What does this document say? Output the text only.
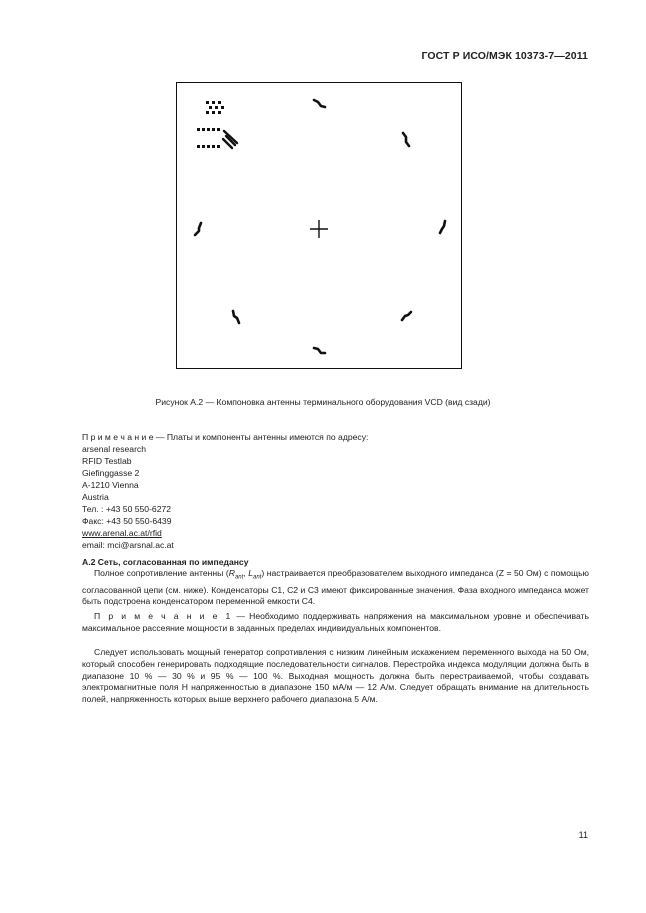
ГОСТ Р ИСО/МЭК 10373-7—2011
Рисунок А.2 — Компоновка антенны терминального оборудования VCD (вид сзади)
П р и м е ч а н и е — Платы и компоненты антенны имеются по адресу:
arsenal research
RFID Testlab
Giefinggasse 2
A-1210 Vienna
Austria
Тел. : +43 50 550-6272
Факс: +43 50 550-6439
www.arenal.ac.at/rfid
email: mci@arsnal.ac.at
А.2 Сеть, согласованная по импедансу
Полное сопротивление антенны ($R_{ant}$, $L_{ant}$) настраивается преобразователем выходного импеданса (Z = 50 Ом) с помощью согласованной цепи (см. ниже). Конденсаторы C1, C2 и C3 имеют фиксированные значения. Фаза входного импеданса может быть подстроена конденсатором переменной емкости C4.
П р и м е ч а н и е 1 — Необходимо поддерживать напряжения на максимальном уровне и обеспечивать максимальное рассеяние мощности в заданных пределах индивидуальных компонентов.
Следует использовать мощный генератор сопротивления с низким линейным искажением переменного выхода на 50 Ом, который способен генерировать подходящие последовательности сигналов. Перестройка индекса модуляции должна быть в диапазоне 10 % — 30 % и 95 % — 100 %. Выходная мощность должна быть перестраиваемой, чтобы создавать электромагнитные поля H напряженностью в диапазоне 150 мА/м — 12 А/м. Следует обращать внимание на длительность полей, напряженность которых выше верхнего рабочего диапазона 5 А/м.
11
